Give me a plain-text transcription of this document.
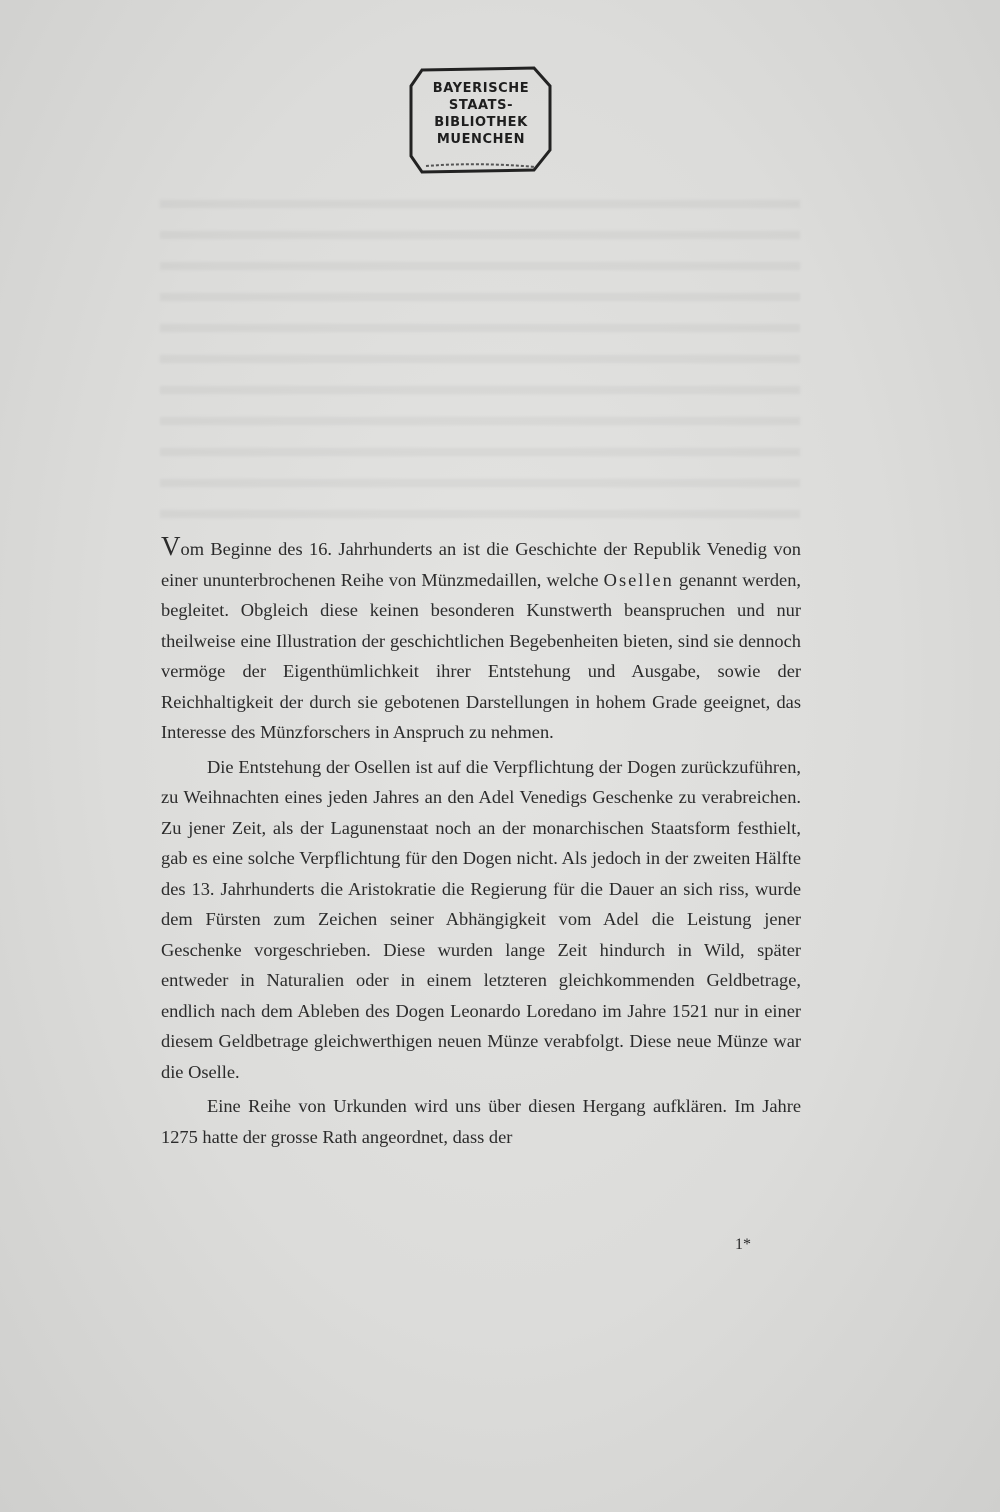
BAYERISCHE
STAATS-
BIBLIOTHEK
MUENCHEN

Vom Beginne des 16. Jahrhunderts an ist die Geschichte der Republik Venedig von einer ununterbrochenen Reihe von Münzmedaillen, welche Osellen genannt werden, begleitet. Obgleich diese keinen besonderen Kunstwerth beanspruchen und nur theilweise eine Illustration der geschichtlichen Begebenheiten bieten, sind sie dennoch vermöge der Eigenthümlichkeit ihrer Entstehung und Ausgabe, sowie der Reichhaltigkeit der durch sie gebotenen Darstellungen in hohem Grade geeignet, das Interesse des Münzforschers in Anspruch zu nehmen.

Die Entstehung der Osellen ist auf die Verpflichtung der Dogen zurückzuführen, zu Weihnachten eines jeden Jahres an den Adel Venedigs Geschenke zu verabreichen. Zu jener Zeit, als der Lagunenstaat noch an der monarchischen Staatsform festhielt, gab es eine solche Verpflichtung für den Dogen nicht. Als jedoch in der zweiten Hälfte des 13. Jahrhunderts die Aristokratie die Regierung für die Dauer an sich riss, wurde dem Fürsten zum Zeichen seiner Abhängigkeit vom Adel die Leistung jener Geschenke vorgeschrieben. Diese wurden lange Zeit hindurch in Wild, später entweder in Naturalien oder in einem letzteren gleichkommenden Geldbetrage, endlich nach dem Ableben des Dogen Leonardo Loredano im Jahre 1521 nur in einer diesem Geldbetrage gleichwerthigen neuen Münze verabfolgt. Diese neue Münze war die Oselle.

Eine Reihe von Urkunden wird uns über diesen Hergang aufklären. Im Jahre 1275 hatte der grosse Rath angeordnet, dass der

1*
